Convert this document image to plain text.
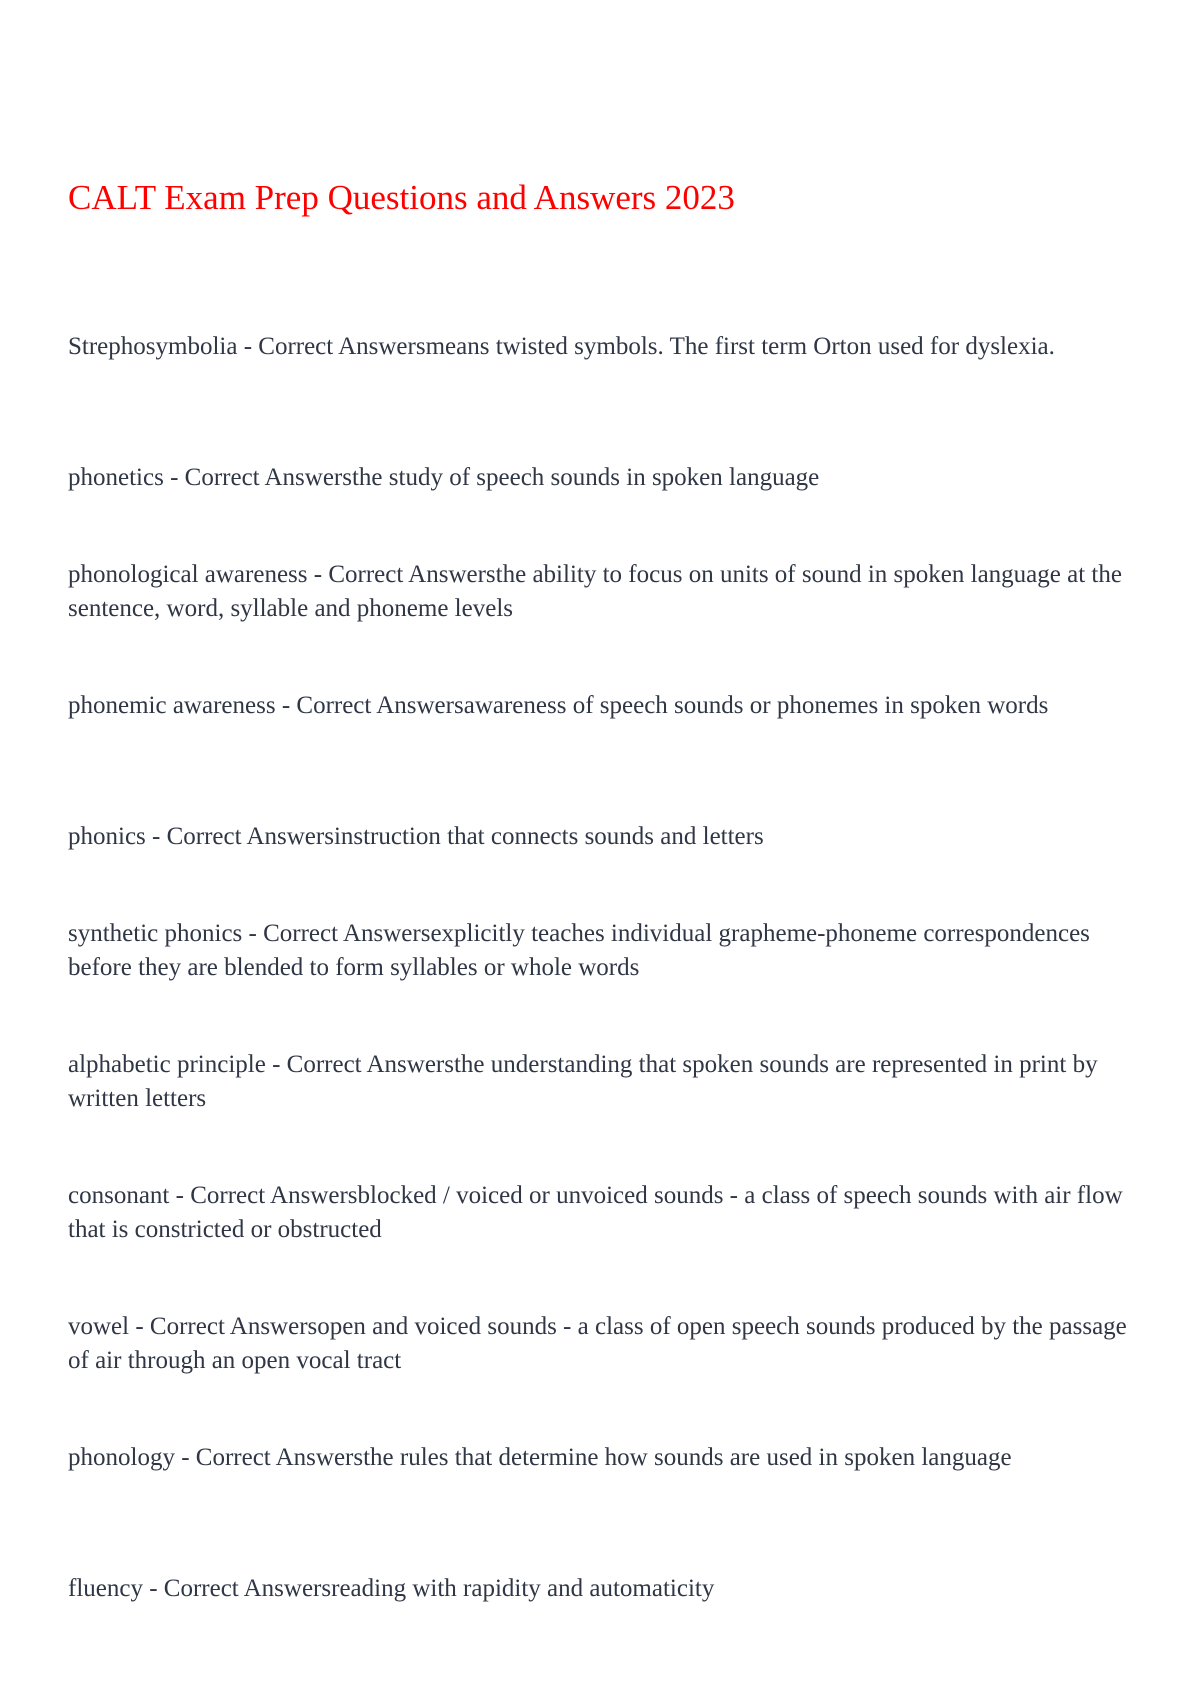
CALT Exam Prep Questions and Answers 2023

Strephosymbolia - Correct Answersmeans twisted symbols. The first term Orton used for dyslexia.

phonetics - Correct Answersthe study of speech sounds in spoken language

phonological awareness - Correct Answersthe ability to focus on units of sound in spoken language at the sentence, word, syllable and phoneme levels

phonemic awareness - Correct Answersawareness of speech sounds or phonemes in spoken words

phonics - Correct Answersinstruction that connects sounds and letters

synthetic phonics - Correct Answersexplicitly teaches individual grapheme-phoneme correspondences before they are blended to form syllables or whole words

alphabetic principle - Correct Answersthe understanding that spoken sounds are represented in print by written letters

consonant - Correct Answersblocked / voiced or unvoiced sounds - a class of speech sounds with air flow that is constricted or obstructed

vowel - Correct Answersopen and voiced sounds - a class of open speech sounds produced by the passage of air through an open vocal tract

phonology - Correct Answersthe rules that determine how sounds are used in spoken language

fluency - Correct Answersreading with rapidity and automaticity
